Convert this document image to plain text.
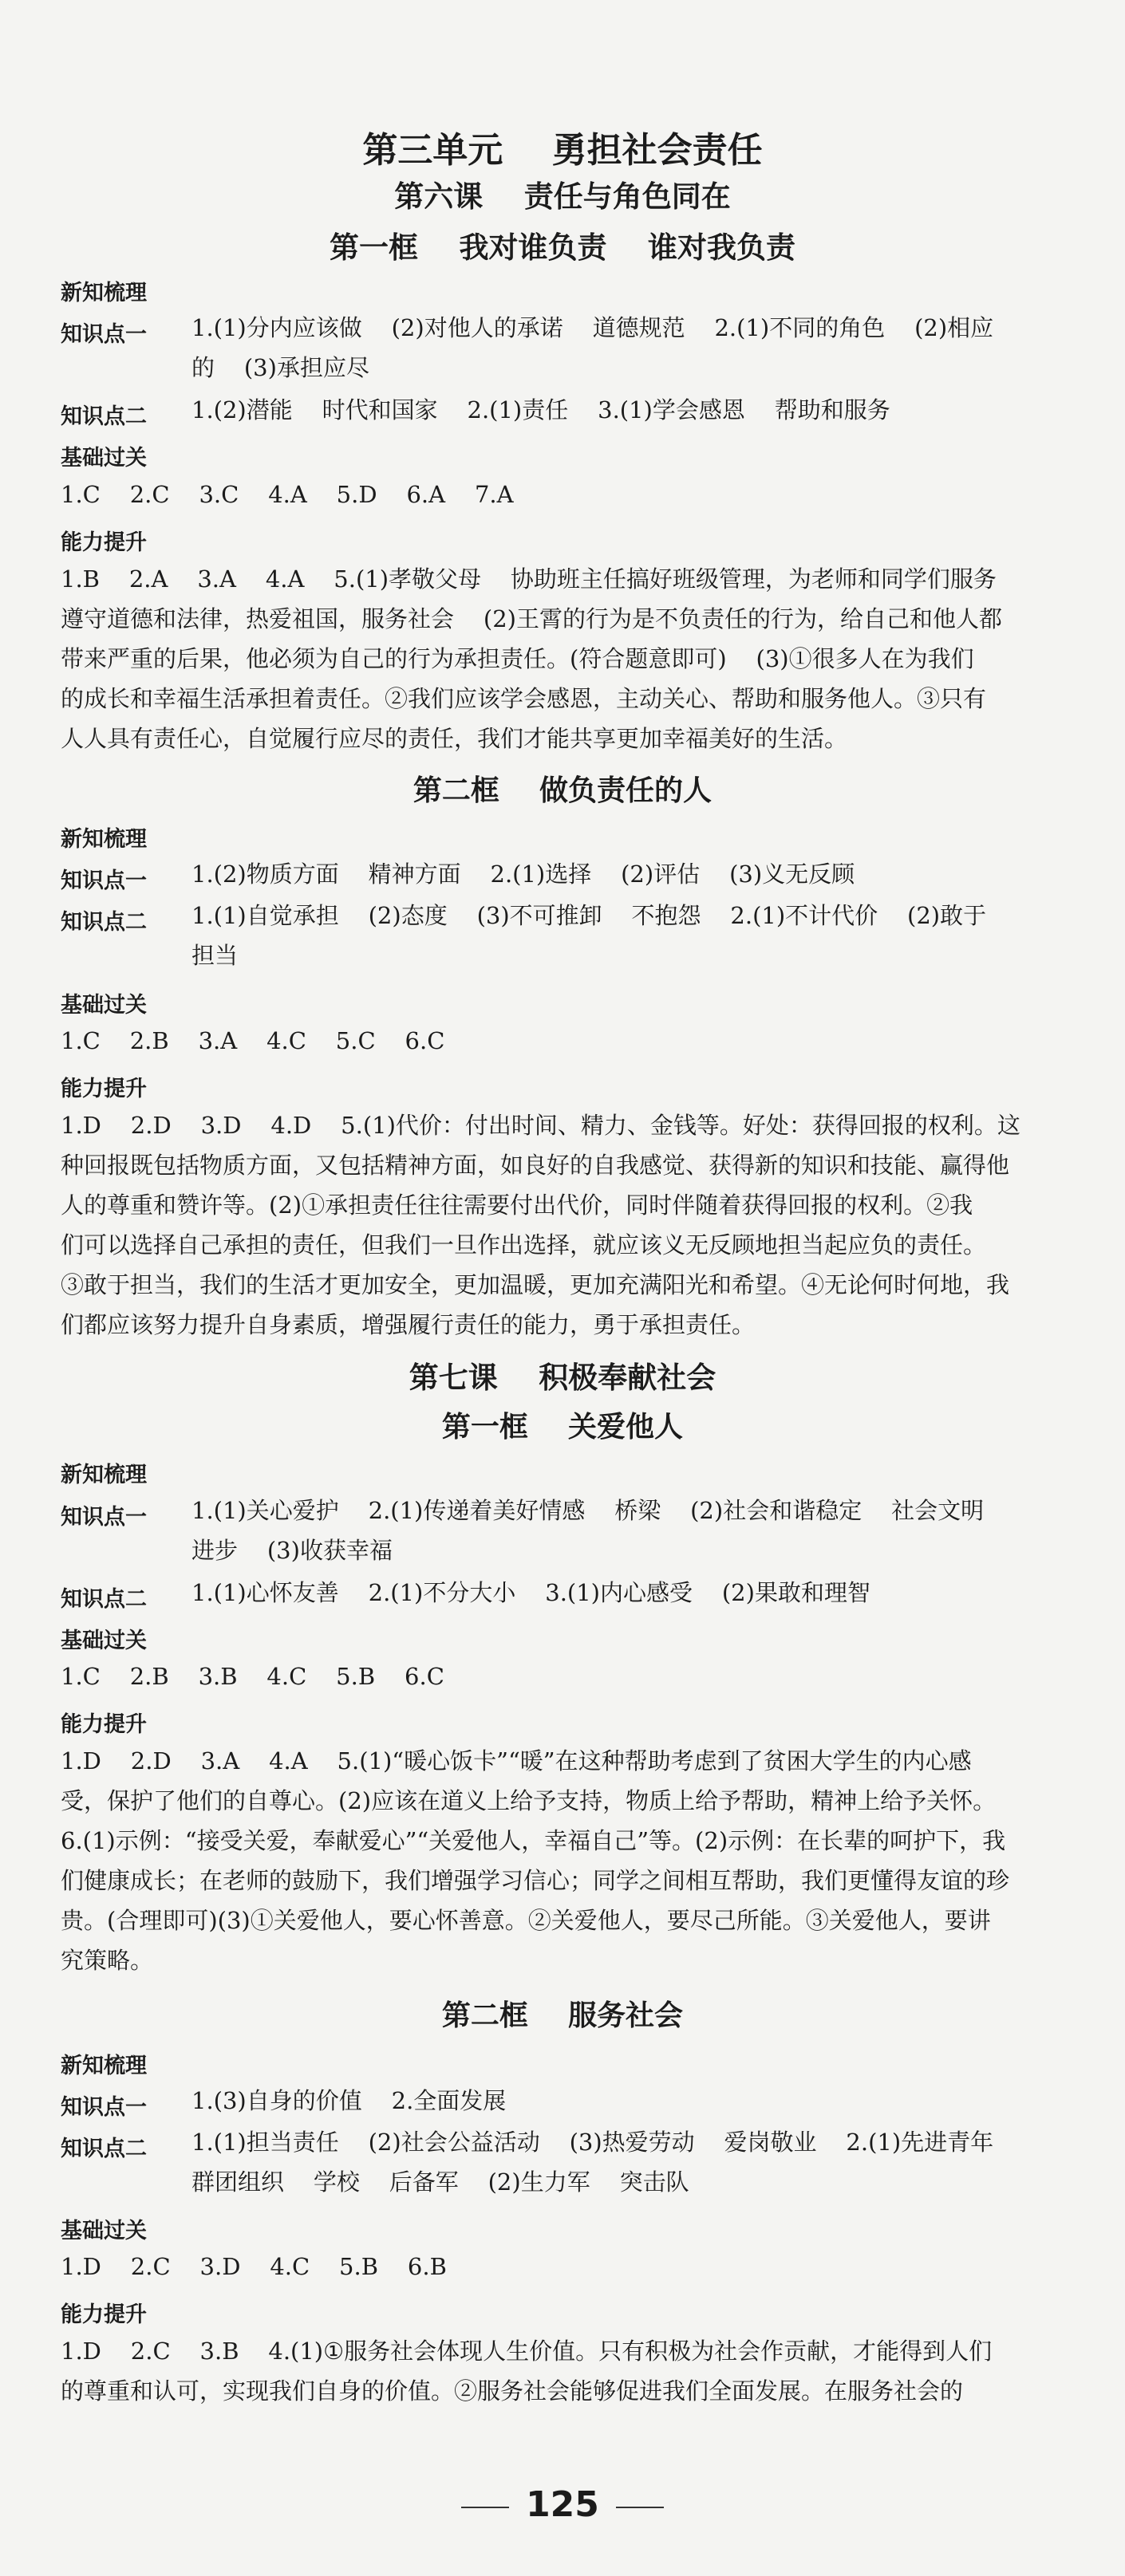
第三单元    勇担社会责任
第六课    责任与角色同在
第一框    我对谁负责    谁对我负责
新知梳理
知识点一 1.(1)分内应该做    (2)对他人的承诺    道德规范    2.(1)不同的角色    (2)相应
的    (3)承担应尽
知识点二 1.(2)潜能    时代和国家    2.(1)责任    3.(1)学会感恩    帮助和服务
基础过关
1.C    2.C    3.C    4.A    5.D    6.A    7.A
能力提升
1.B    2.A    3.A    4.A    5.(1)孝敬父母    协助班主任搞好班级管理，为老师和同学们服务
遵守道德和法律，热爱祖国，服务社会    (2)王霄的行为是不负责任的行为，给自己和他人都
带来严重的后果，他必须为自己的行为承担责任。(符合题意即可)    (3)①很多人在为我们
的成长和幸福生活承担着责任。②我们应该学会感恩，主动关心、帮助和服务他人。③只有
人人具有责任心，自觉履行应尽的责任，我们才能共享更加幸福美好的生活。
第二框    做负责任的人
新知梳理
知识点一 1.(2)物质方面    精神方面    2.(1)选择    (2)评估    (3)义无反顾
知识点二 1.(1)自觉承担    (2)态度    (3)不可推卸    不抱怨    2.(1)不计代价    (2)敢于
担当
基础过关
1.C    2.B    3.A    4.C    5.C    6.C
能力提升
1.D    2.D    3.D    4.D    5.(1)代价：付出时间、精力、金钱等。好处：获得回报的权利。这
种回报既包括物质方面，又包括精神方面，如良好的自我感觉、获得新的知识和技能、赢得他
人的尊重和赞许等。(2)①承担责任往往需要付出代价，同时伴随着获得回报的权利。②我
们可以选择自己承担的责任，但我们一旦作出选择，就应该义无反顾地担当起应负的责任。
③敢于担当，我们的生活才更加安全，更加温暖，更加充满阳光和希望。④无论何时何地，我
们都应该努力提升自身素质，增强履行责任的能力，勇于承担责任。
第七课    积极奉献社会
第一框    关爱他人
新知梳理
知识点一 1.(1)关心爱护    2.(1)传递着美好情感    桥梁    (2)社会和谐稳定    社会文明
进步    (3)收获幸福
知识点二 1.(1)心怀友善    2.(1)不分大小    3.(1)内心感受    (2)果敢和理智
基础过关
1.C    2.B    3.B    4.C    5.B    6.C
能力提升
1.D    2.D    3.A    4.A    5.(1)“暖心饭卡”“暖”在这种帮助考虑到了贫困大学生的内心感
受，保护了他们的自尊心。(2)应该在道义上给予支持，物质上给予帮助，精神上给予关怀。
6.(1)示例：“接受关爱，奉献爱心”“关爱他人，幸福自己”等。(2)示例：在长辈的呵护下，我
们健康成长；在老师的鼓励下，我们增强学习信心；同学之间相互帮助，我们更懂得友谊的珍
贵。(合理即可)(3)①关爱他人，要心怀善意。②关爱他人，要尽己所能。③关爱他人，要讲
究策略。
第二框    服务社会
新知梳理
知识点一 1.(3)自身的价值    2.全面发展
知识点二 1.(1)担当责任    (2)社会公益活动    (3)热爱劳动    爱岗敬业    2.(1)先进青年
群团组织    学校    后备军    (2)生力军    突击队
基础过关
1.D    2.C    3.D    4.C    5.B    6.B
能力提升
1.D    2.C    3.B    4.(1)①服务社会体现人生价值。只有积极为社会作贡献，才能得到人们
的尊重和认可，实现我们自身的价值。②服务社会能够促进我们全面发展。在服务社会的
125
